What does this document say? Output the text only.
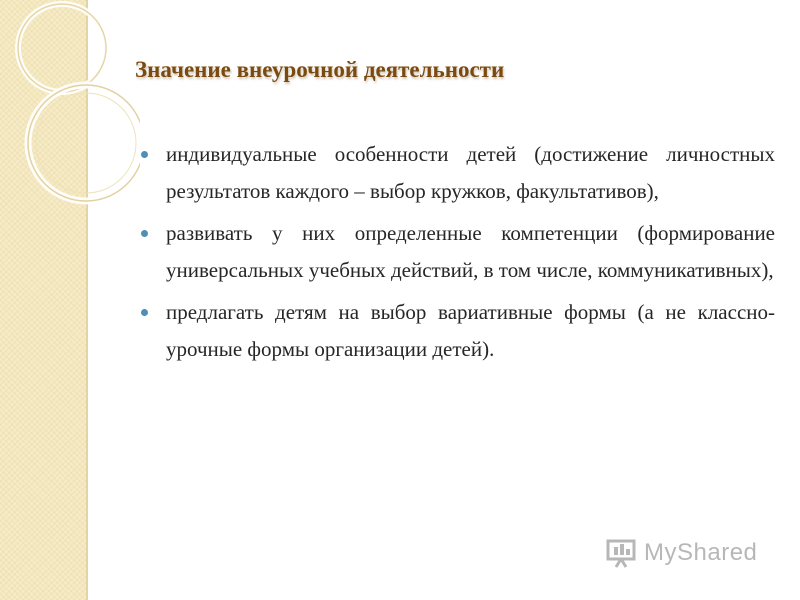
Значение внеурочной деятельности
индивидуальные особенности детей (достижение личностных результатов каждого – выбор кружков, факультативов),
развивать у них определенные компетенции (формирование универсальных учебных действий, в том числе, коммуникативных),
предлагать детям на выбор вариативные формы (а не классно-урочные формы организации детей).
MyShared
